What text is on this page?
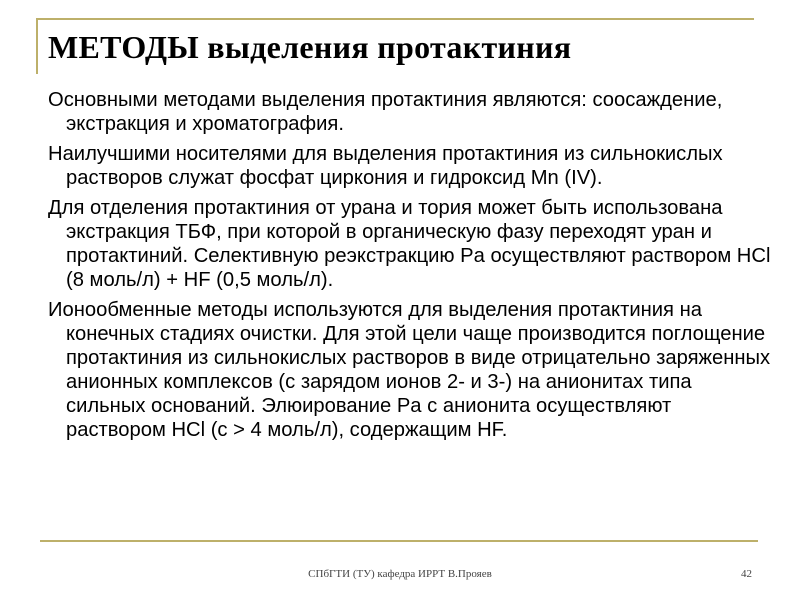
МЕТОДЫ выделения протактиния
Основными методами выделения протактиния являются: соосаждение, экстракция и хроматография.
Наилучшими носителями для выделения протактиния из сильнокислых растворов служат фосфат циркония и гидроксид Mn (IV).
Для отделения протактиния от урана и тория может быть использована экстракция ТБФ, при которой в органическую фазу переходят уран и протактиний. Селективную реэкстракцию Pa осуществляют раствором HCl (8 моль/л) + HF (0,5 моль/л).
Ионообменные методы используются для выделения протактиния на конечных стадиях очистки. Для этой цели чаще производится поглощение протактиния из сильнокислых растворов в виде отрицательно заряженных анионных комплексов (с зарядом ионов 2- и 3-) на анионитах типа сильных оснований. Элюирование Pa с анионита осуществляют раствором HCl (с > 4 моль/л), содержащим HF.
СПбГТИ (ТУ) кафедра ИРРТ В.Прояев	42
